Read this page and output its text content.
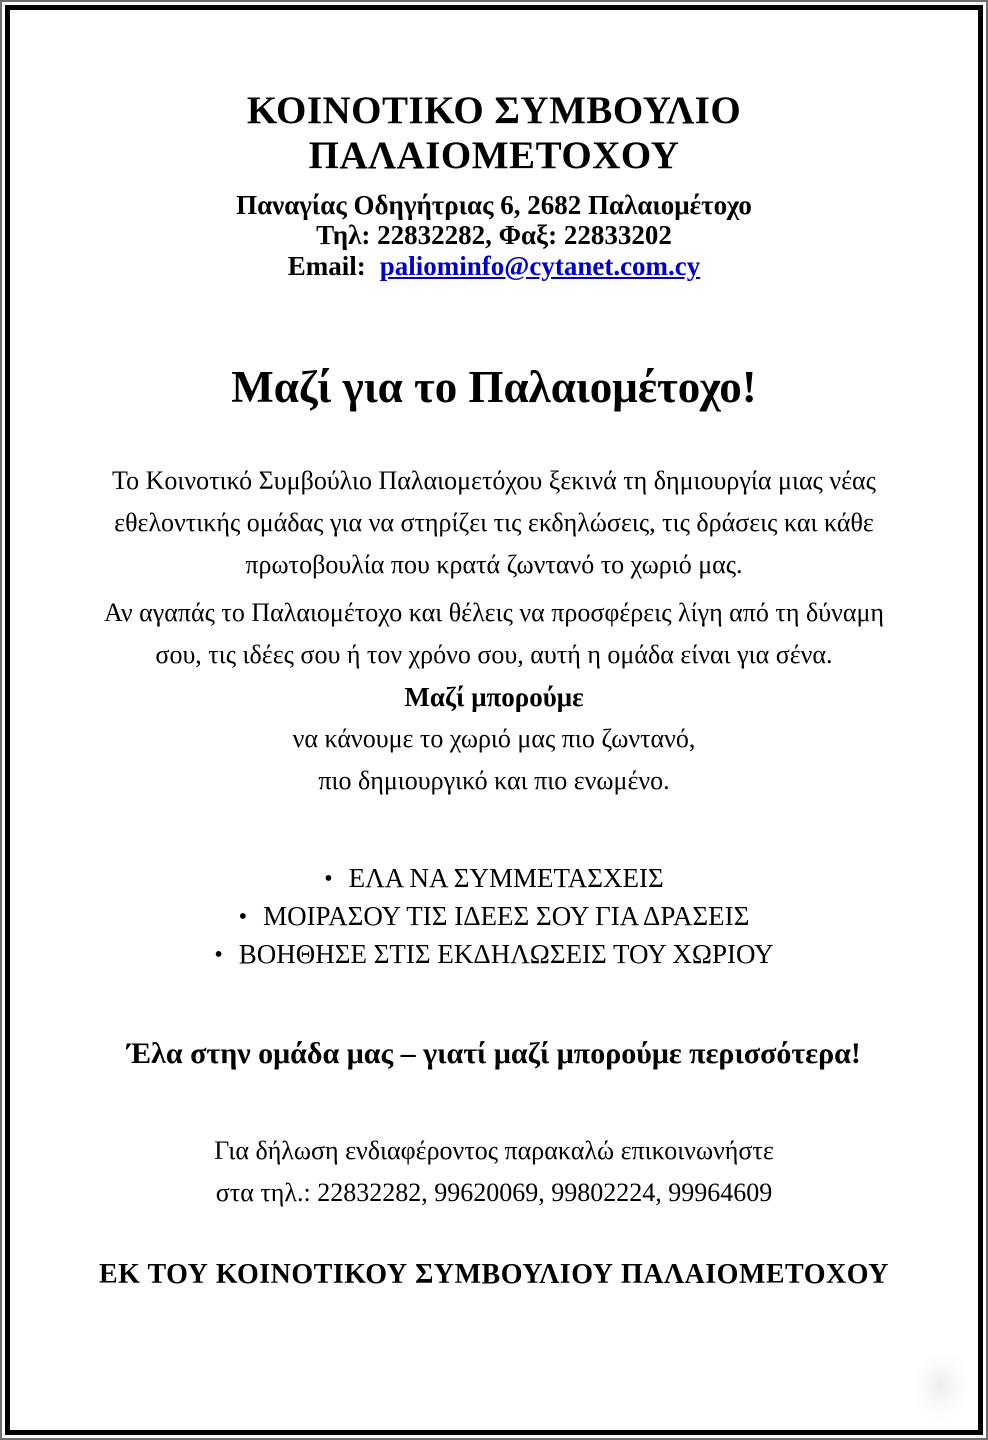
ΚΟΙΝΟΤΙΚΟ ΣΥΜΒΟΥΛΙΟ
ΠΑΛΑΙΟΜΕΤΟΧΟΥ
Παναγίας Οδηγήτριας 6, 2682 Παλαιομέτοχο
Τηλ: 22832282, Φαξ: 22833202
Email: paliominfo@cytanet.com.cy
Μαζί για το Παλαιομέτοχο!

Το Κοινοτικό Συμβούλιο Παλαιομετόχου ξεκινά τη δημιουργία μιας νέας εθελοντικής ομάδας για να στηρίζει τις εκδηλώσεις, τις δράσεις και κάθε πρωτοβουλία που κρατά ζωντανό το χωριό μας.

Αν αγαπάς το Παλαιομέτοχο και θέλεις να προσφέρεις λίγη από τη δύναμη σου, τις ιδέες σου ή τον χρόνο σου, αυτή η ομάδα είναι για σένα.

Μαζί μπορούμε

να κάνουμε το χωριό μας πιο ζωντανό,

πιο δημιουργικό και πιο ενωμένο.

• ΕΛΑ ΝΑ ΣΥΜΜΕΤΑΣΧΕΙΣ
• ΜΟΙΡΑΣΟΥ ΤΙΣ ΙΔΕΕΣ ΣΟΥ ΓΙΑ ΔΡΑΣΕΙΣ
• ΒΟΗΘΗΣΕ ΣΤΙΣ ΕΚΔΗΛΩΣΕΙΣ ΤΟΥ ΧΩΡΙΟΥ

Έλα στην ομάδα μας – γιατί μαζί μπορούμε περισσότερα!

Για δήλωση ενδιαφέροντος παρακαλώ επικοινωνήστε

στα τηλ.: 22832282, 99620069, 99802224, 99964609

ΕΚ ΤΟΥ ΚΟΙΝΟΤΙΚΟΥ ΣΥΜΒΟΥΛΙΟΥ ΠΑΛΑΙΟΜΕΤΟΧΟΥ
